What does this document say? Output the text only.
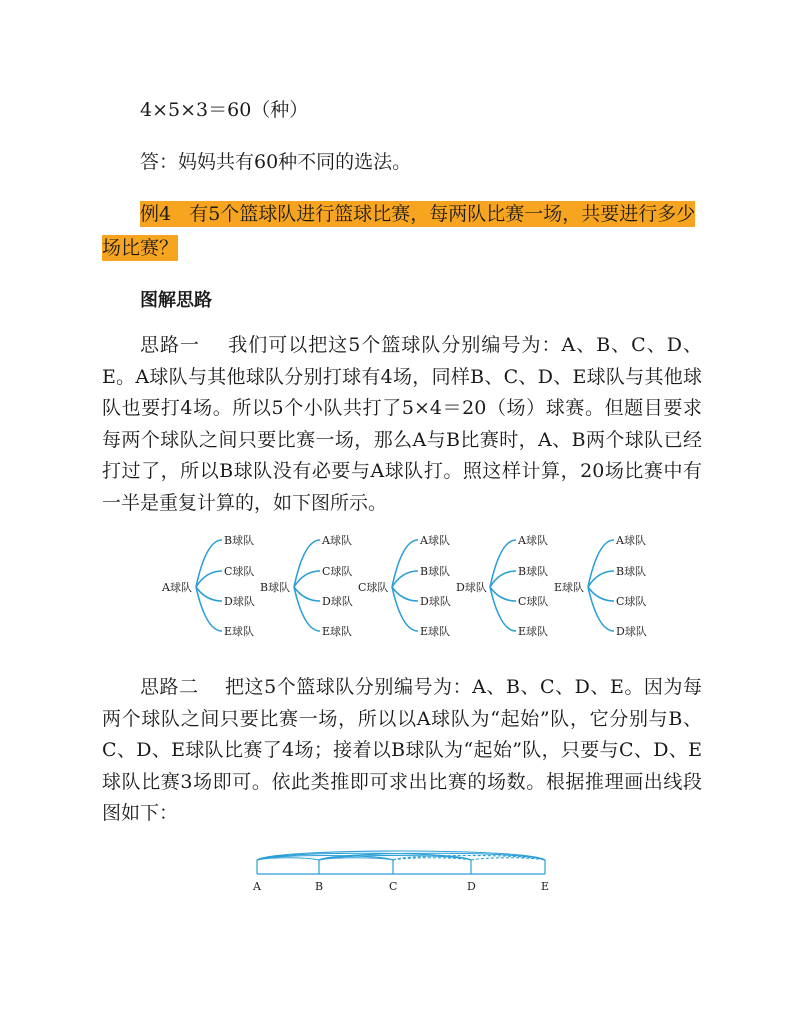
4×5×3＝60（种）
答：妈妈共有60种不同的选法。

例4 有5个篮球队进行篮球比赛，每两队比赛一场，共要进行多少场比赛？

图解思路

思路一 我们可以把这5个篮球队分别编号为：A、B、C、D、E。A球队与其他球队分别打球有4场，同样B、C、D、E球队与其他球队也要打4场。所以5个小队共打了5×4＝20（场）球赛。但题目要求每两个球队之间只要比赛一场，那么A与B比赛时，A、B两个球队已经打过了，所以B球队没有必要与A球队打。照这样计算，20场比赛中有一半是重复计算的，如下图所示。

A球队
B球队
C球队
D球队
E球队
B球队
A球队
C球队
D球队
E球队
C球队
A球队
B球队
D球队
E球队
D球队
A球队
B球队
C球队
E球队
E球队
A球队
B球队
C球队
D球队

思路二 把这5个篮球队分别编号为：A、B、C、D、E。因为每两个球队之间只要比赛一场，所以以A球队为“起始”队，它分别与B、C、D、E球队比赛了4场；接着以B球队为“起始”队，只要与C、D、E球队比赛3场即可。依此类推即可求出比赛的场数。根据推理画出线段图如下：

A	B	C	D	E
